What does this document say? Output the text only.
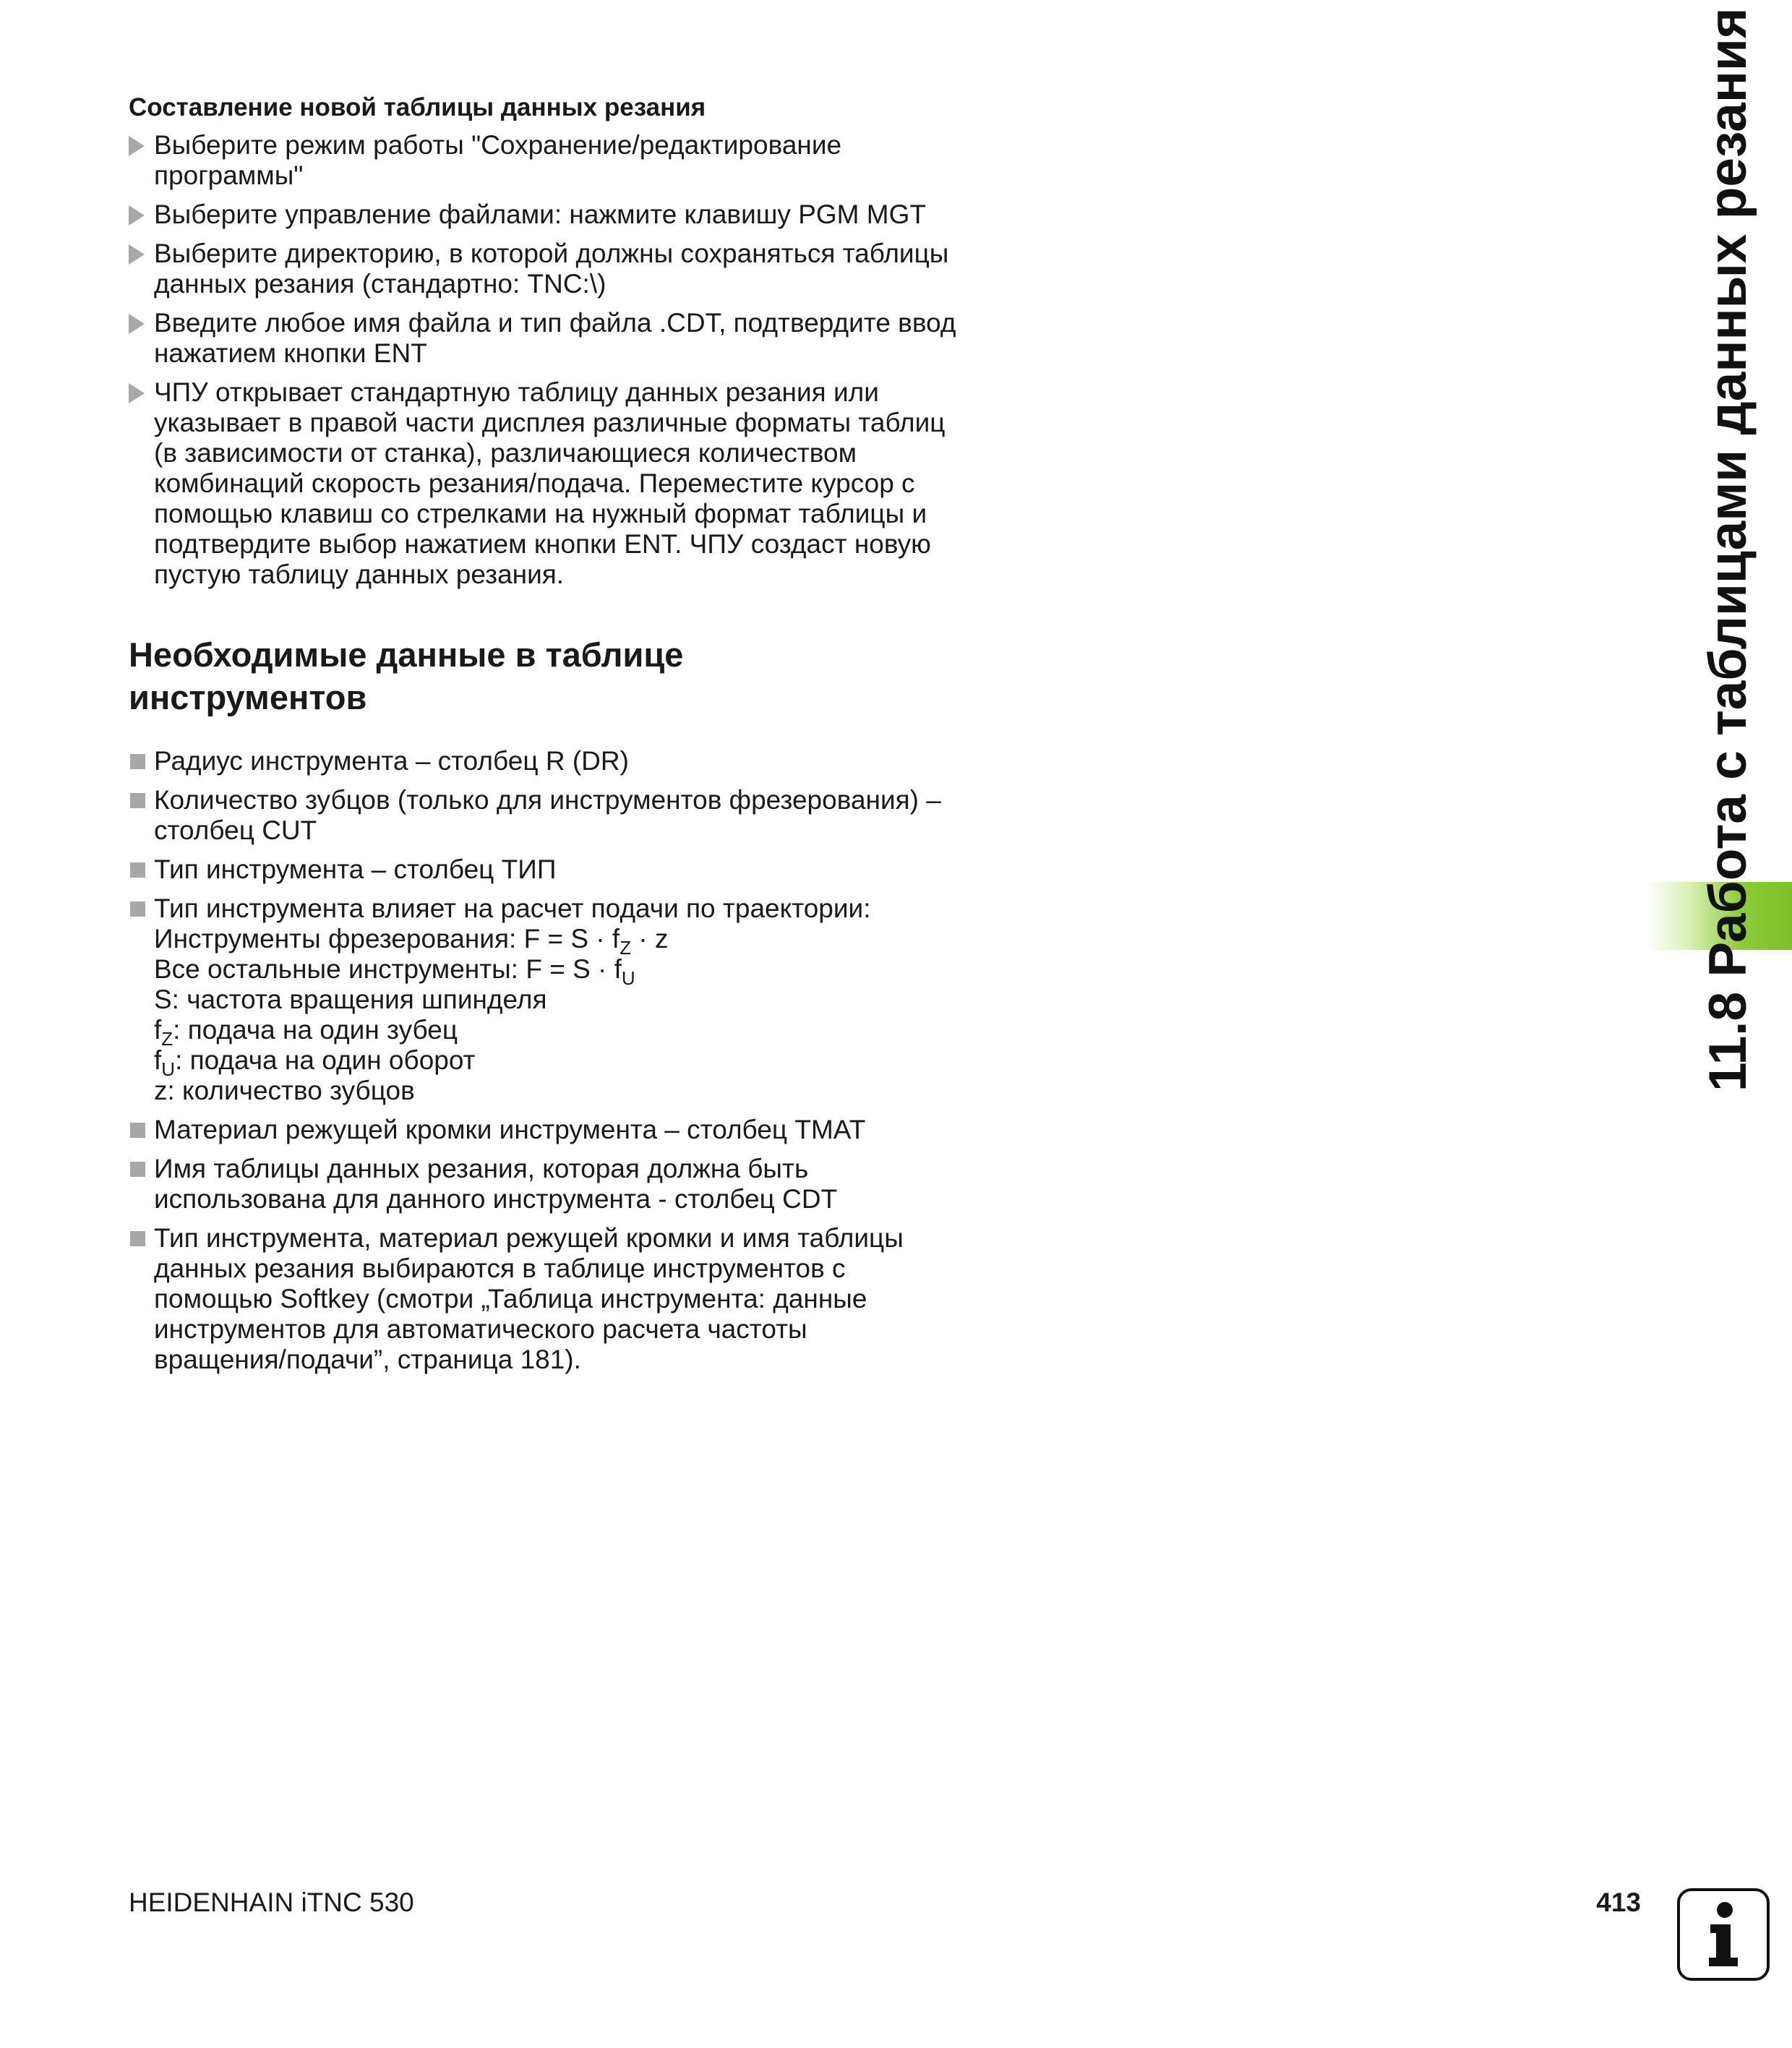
Составление новой таблицы данных резания
Выберите режим работы "Сохранение/редактирование
программы"
Выберите управление файлами: нажмите клавишу PGM MGT
Выберите директорию, в которой должны сохраняться таблицы
данных резания (стандартно: TNC:\)
Введите любое имя файла и тип файла .CDT, подтвердите ввод
нажатием кнопки ENT
ЧПУ открывает стандартную таблицу данных резания или
указывает в правой части дисплея различные форматы таблиц
(в зависимости от станка), различающиеся количеством
комбинаций скорость резания/подача. Переместите курсор с
помощью клавиш со стрелками на нужный формат таблицы и
подтвердите выбор нажатием кнопки ENT. ЧПУ создаст новую
пустую таблицу данных резания.
Необходимые данные в таблице
инструментов
Радиус инструмента – столбец R (DR)
Количество зубцов (только для инструментов фрезерования) –
столбец CUT
Тип инструмента – столбец ТИП
Тип инструмента влияет на расчет подачи по траектории:
Инструменты фрезерования: $F = S \cdot f_Z \cdot z$
Все остальные инструменты: $F = S \cdot f_U$
S: частота вращения шпинделя
$f_Z$: подача на один зубец
$f_U$: подача на один оборот
z: количество зубцов
Материал режущей кромки инструмента – столбец TMAT
Имя таблицы данных резания, которая должна быть
использована для данного инструмента - столбец CDT
Тип инструмента, материал режущей кромки и имя таблицы
данных резания выбираются в таблице инструментов с
помощью Softkey (смотри „Таблица инструмента: данные
инструментов для автоматического расчета частоты
вращения/подачи”, страница 181).
11.8 Работа с таблицами данных резания
HEIDENHAIN iTNC 530	413
